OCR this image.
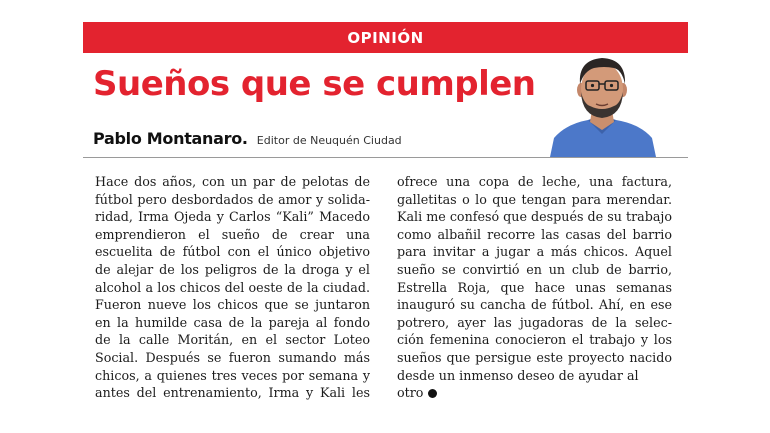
OPINIÓN
Sueños que se cumplen
Pablo Montanaro. Editor de Neuquén Ciudad
Hace dos años, con un par de pelotas de
fútbol pero desbordados de amor y solida-
ridad, Irma Ojeda y Carlos “Kali” Macedo
emprendieron el sueño de crear una
escuelita de fútbol con el único objetivo
de alejar de los peligros de la droga y el
alcohol a los chicos del oeste de la ciudad.
Fueron nueve los chicos que se juntaron
en la humilde casa de la pareja al fondo
de la calle Moritán, en el sector Loteo
Social. Después se fueron sumando más
chicos, a quienes tres veces por semana y
antes del entrenamiento, Irma y Kali les
ofrece una copa de leche, una factura,
galletitas o lo que tengan para merendar.
Kali me confesó que después de su trabajo
como albañil recorre las casas del barrio
para invitar a jugar a más chicos. Aquel
sueño se convirtió en un club de barrio,
Estrella Roja, que hace unas semanas
inauguró su cancha de fútbol. Ahí, en ese
potrero, ayer las jugadoras de la selec-
ción femenina conocieron el trabajo y los
sueños que persigue este proyecto nacido
desde un inmenso deseo de ayudar al
otro
